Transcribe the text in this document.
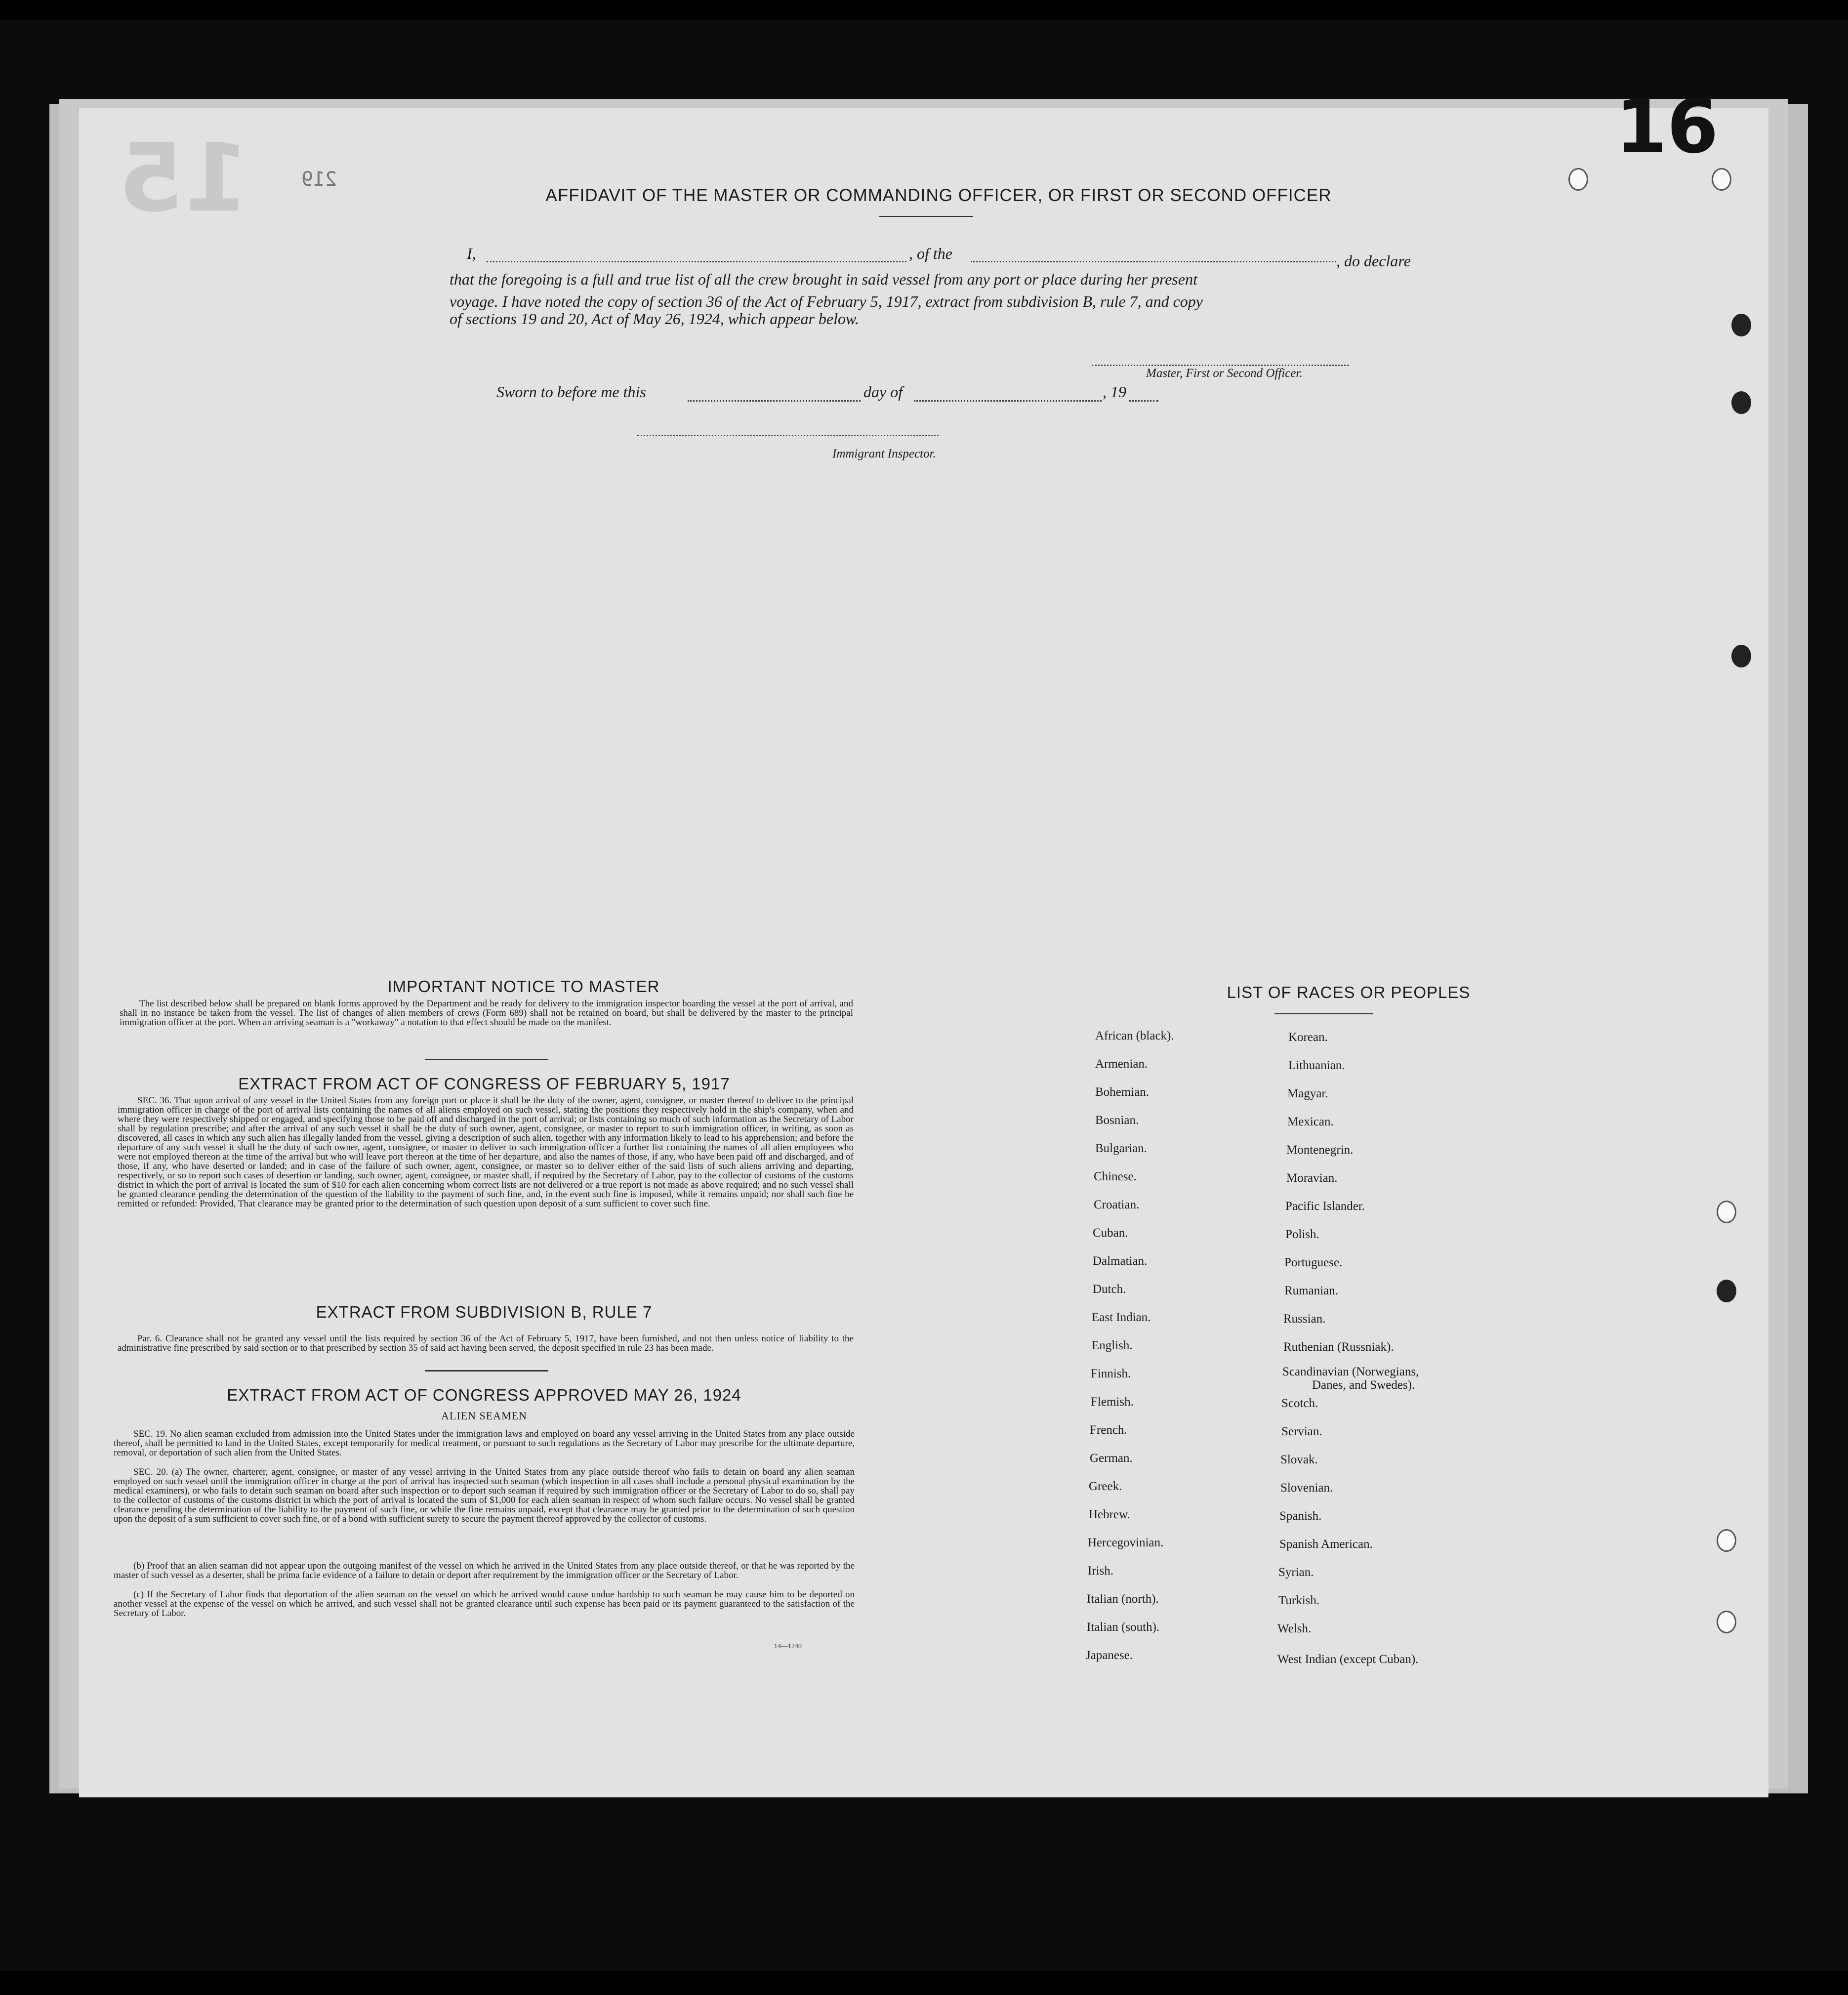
16
15	219
AFFIDAVIT OF THE MASTER OR COMMANDING OFFICER, OR FIRST OR SECOND OFFICER
I,	, of the	, do declare
that the foregoing is a full and true list of all the crew brought in said vessel from any port or place during her present
voyage. I have noted the copy of section 36 of the Act of February 5, 1917, extract from subdivision B, rule 7, and copy
of sections 19 and 20, Act of May 26, 1924, which appear below.
Master, First or Second Officer.
Sworn to before me this	day of	, 19
Immigrant Inspector.
IMPORTANT NOTICE TO MASTER
The list described below shall be prepared on blank forms approved by the Department and be ready for delivery to the immigration inspector boarding the vessel at the port of arrival, and shall in no instance be taken from the vessel. The list of changes of alien members of crews (Form 689) shall not be retained on board, but shall be delivered by the master to the principal immigration officer at the port. When an arriving seaman is a "workaway" a notation to that effect should be made on the manifest.
EXTRACT FROM ACT OF CONGRESS OF FEBRUARY 5, 1917
SEC. 36. That upon arrival of any vessel in the United States from any foreign port or place it shall be the duty of the owner, agent, consignee, or master thereof to deliver to the principal immigration officer in charge of the port of arrival lists containing the names of all aliens employed on such vessel, stating the positions they respectively hold in the ship's company, when and where they were respectively shipped or engaged, and specifying those to be paid off and discharged in the port of arrival; or lists containing so much of such information as the Secretary of Labor shall by regulation prescribe; and after the arrival of any such vessel it shall be the duty of such owner, agent, consignee, or master to report to such immigration officer, in writing, as soon as discovered, all cases in which any such alien has illegally landed from the vessel, giving a description of such alien, together with any information likely to lead to his apprehension; and before the departure of any such vessel it shall be the duty of such owner, agent, consignee, or master to deliver to such immigration officer a further list containing the names of all alien employees who were not employed thereon at the time of the arrival but who will leave port thereon at the time of her departure, and also the names of those, if any, who have been paid off and discharged, and of those, if any, who have deserted or landed; and in case of the failure of such owner, agent, consignee, or master so to deliver either of the said lists of such aliens arriving and departing, respectively, or so to report such cases of desertion or landing, such owner, agent, consignee, or master shall, if required by the Secretary of Labor, pay to the collector of customs of the customs district in which the port of arrival is located the sum of $10 for each alien concerning whom correct lists are not delivered or a true report is not made as above required; and no such vessel shall be granted clearance pending the determination of the question of the liability to the payment of such fine, and, in the event such fine is imposed, while it remains unpaid; nor shall such fine be remitted or refunded: Provided, That clearance may be granted prior to the determination of such question upon deposit of a sum sufficient to cover such fine.
EXTRACT FROM SUBDIVISION B, RULE 7
Par. 6. Clearance shall not be granted any vessel until the lists required by section 36 of the Act of February 5, 1917, have been furnished, and not then unless notice of liability to the administrative fine prescribed by said section or to that prescribed by section 35 of said act having been served, the deposit specified in rule 23 has been made.
EXTRACT FROM ACT OF CONGRESS APPROVED MAY 26, 1924
ALIEN SEAMEN
SEC. 19. No alien seaman excluded from admission into the United States under the immigration laws and employed on board any vessel arriving in the United States from any place outside thereof, shall be permitted to land in the United States, except temporarily for medical treatment, or pursuant to such regulations as the Secretary of Labor may prescribe for the ultimate departure, removal, or deportation of such alien from the United States.
SEC. 20. (a) The owner, charterer, agent, consignee, or master of any vessel arriving in the United States from any place outside thereof who fails to detain on board any alien seaman employed on such vessel until the immigration officer in charge at the port of arrival has inspected such seaman (which inspection in all cases shall include a personal physical examination by the medical examiners), or who fails to detain such seaman on board after such inspection or to deport such seaman if required by such immigration officer or the Secretary of Labor to do so, shall pay to the collector of customs of the customs district in which the port of arrival is located the sum of $1,000 for each alien seaman in respect of whom such failure occurs. No vessel shall be granted clearance pending the determination of the liability to the payment of such fine, or while the fine remains unpaid, except that clearance may be granted prior to the determination of such question upon the deposit of a sum sufficient to cover such fine, or of a bond with sufficient surety to secure the payment thereof approved by the collector of customs.
(b) Proof that an alien seaman did not appear upon the outgoing manifest of the vessel on which he arrived in the United States from any place outside thereof, or that he was reported by the master of such vessel as a deserter, shall be prima facie evidence of a failure to detain or deport after requirement by the immigration officer or the Secretary of Labor.
(c) If the Secretary of Labor finds that deportation of the alien seaman on the vessel on which he arrived would cause undue hardship to such seaman he may cause him to be deported on another vessel at the expense of the vessel on which he arrived, and such vessel shall not be granted clearance until such expense has been paid or its payment guaranteed to the satisfaction of the Secretary of Labor.
14—1240
LIST OF RACES OR PEOPLES
African (black).
Armenian.
Bohemian.
Bosnian.
Bulgarian.
Chinese.
Croatian.
Cuban.
Dalmatian.
Dutch.
East Indian.
English.
Finnish.
Flemish.
French.
German.
Greek.
Hebrew.
Hercegovinian.
Irish.
Italian (north).
Italian (south).
Japanese.
Korean.
Lithuanian.
Magyar.
Mexican.
Montenegrin.
Moravian.
Pacific Islander.
Polish.
Portuguese.
Rumanian.
Russian.
Ruthenian (Russniak).
Scandinavian (Norwegians,
Danes, and Swedes).
Scotch.
Servian.
Slovak.
Slovenian.
Spanish.
Spanish American.
Syrian.
Turkish.
Welsh.
West Indian (except Cuban).
